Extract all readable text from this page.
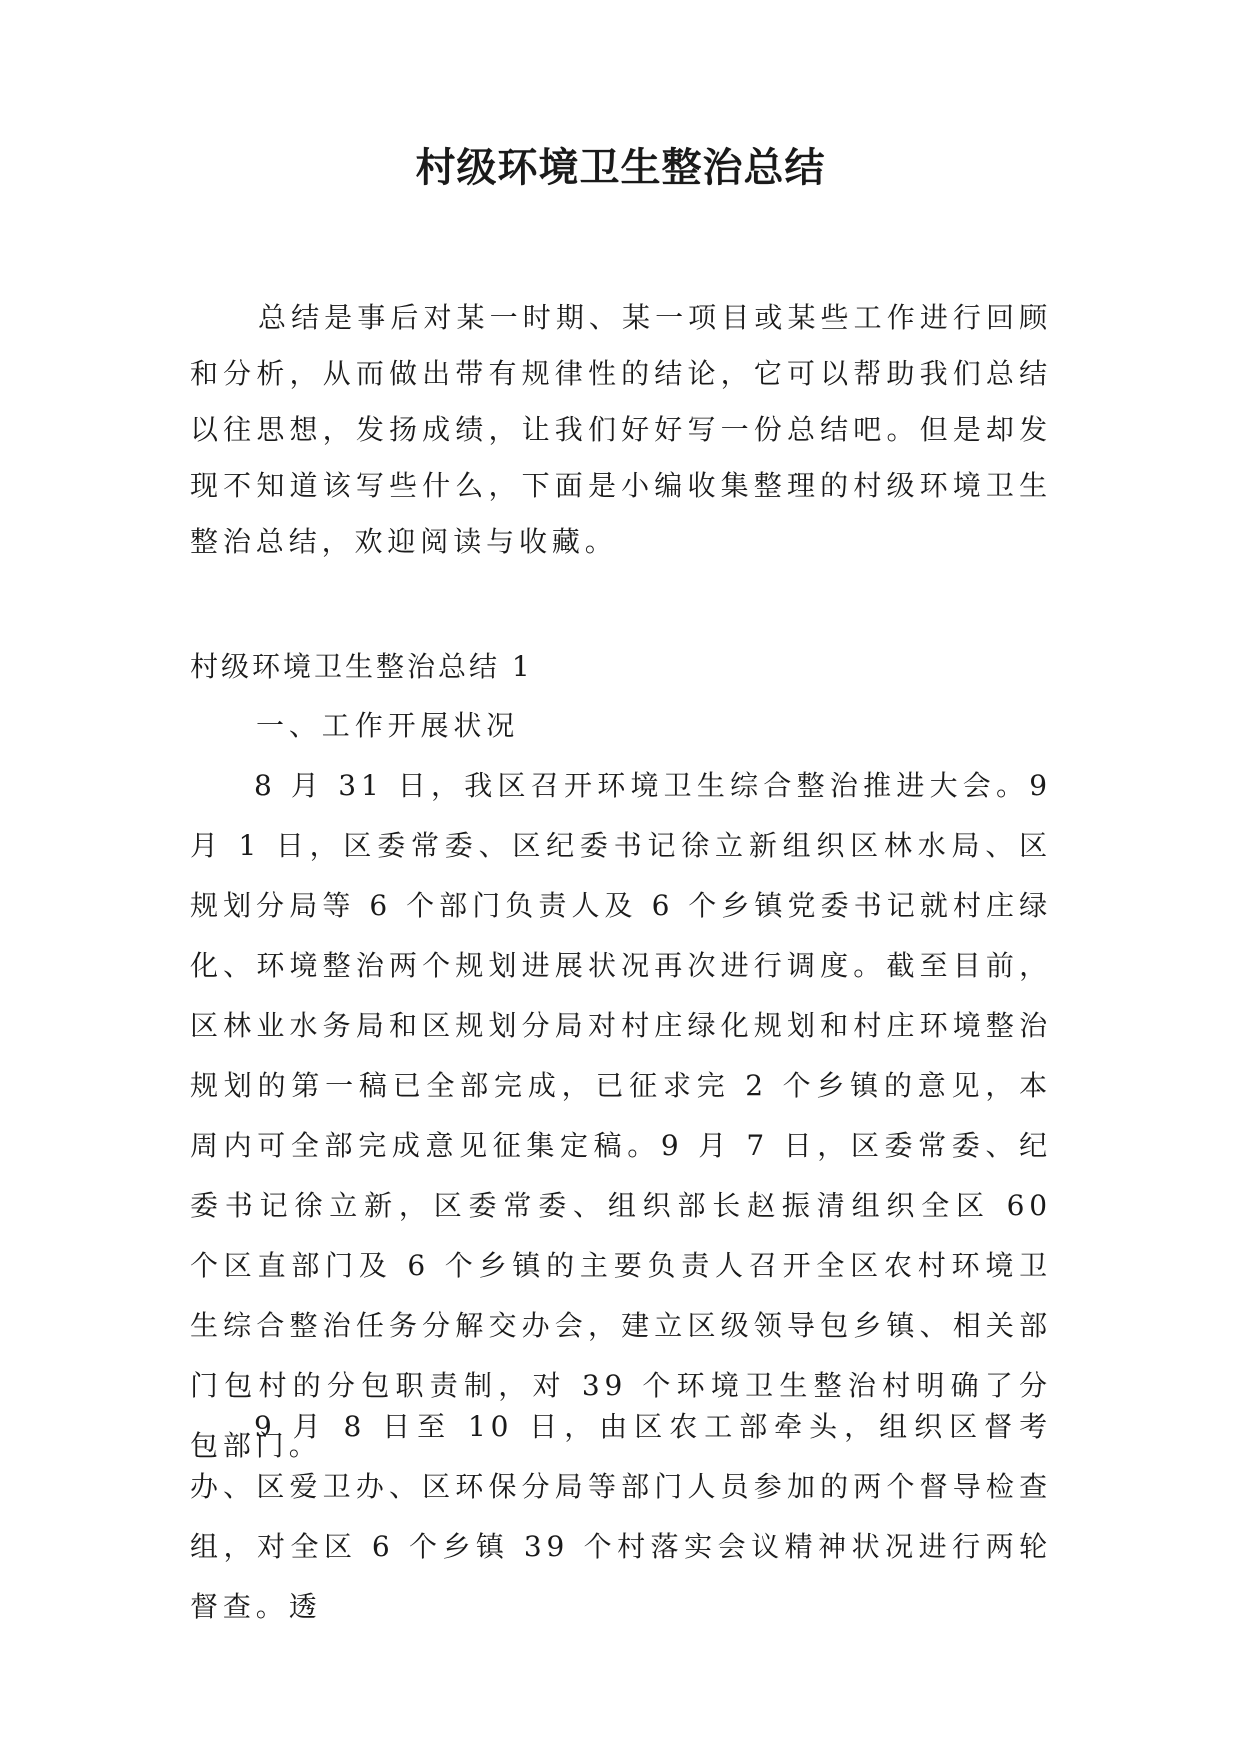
村级环境卫生整治总结

总结是事后对某一时期、某一项目或某些工作进行回顾和分析，从而做出带有规律性的结论，它可以帮助我们总结以往思想，发扬成绩，让我们好好写一份总结吧。但是却发现不知道该写些什么，下面是小编收集整理的村级环境卫生整治总结，欢迎阅读与收藏。

村级环境卫生整治总结 1

一、工作开展状况

8 月 31 日，我区召开环境卫生综合整治推进大会。9 月 1 日，区委常委、区纪委书记徐立新组织区林水局、区规划分局等 6 个部门负责人及 6 个乡镇党委书记就村庄绿化、环境整治两个规划进展状况再次进行调度。截至目前，区林业水务局和区规划分局对村庄绿化规划和村庄环境整治规划的第一稿已全部完成，已征求完 2 个乡镇的意见，本周内可全部完成意见征集定稿。9 月 7 日，区委常委、纪委书记徐立新，区委常委、组织部长赵振清组织全区 60 个区直部门及 6 个乡镇的主要负责人召开全区农村环境卫生综合整治任务分解交办会，建立区级领导包乡镇、相关部门包村的分包职责制，对 39 个环境卫生整治村明确了分包部门。

9 月 8 日至 10 日，由区农工部牵头，组织区督考办、区爱卫办、区环保分局等部门人员参加的两个督导检查组，对全区 6 个乡镇 39 个村落实会议精神状况进行两轮督查。透
